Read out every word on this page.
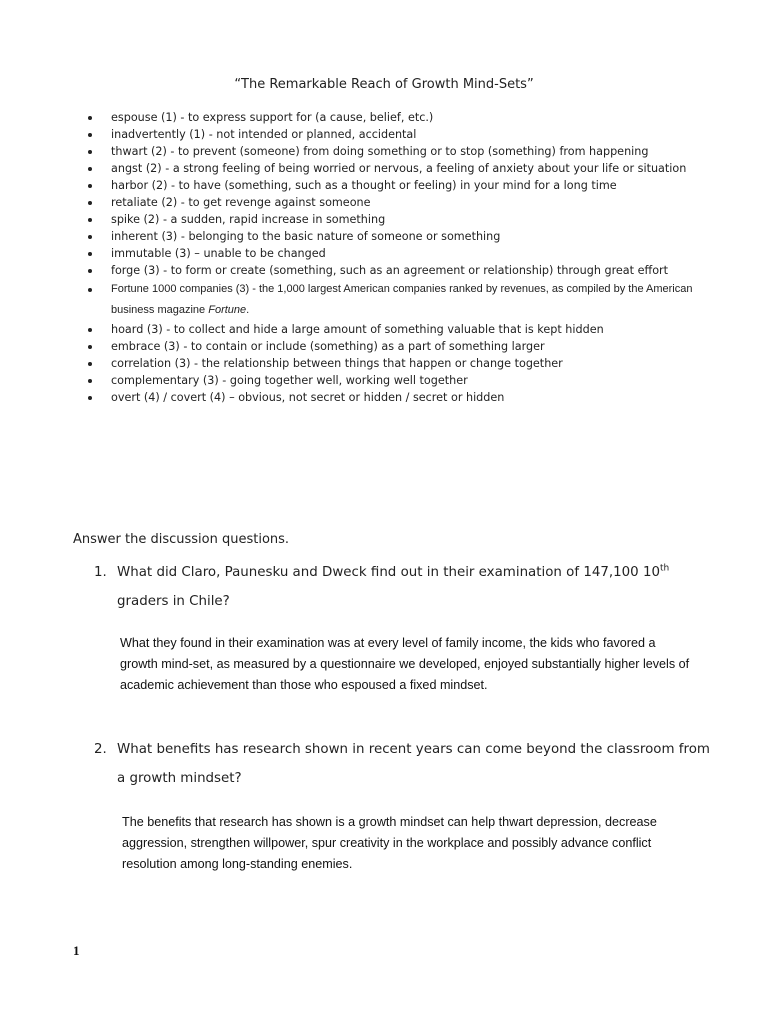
“The Remarkable Reach of Growth Mind-Sets”
espouse (1) - to express support for (a cause, belief, etc.)
inadvertently (1) - not intended or planned, accidental
thwart (2) - to prevent (someone) from doing something or to stop (something) from happening
angst (2) - a strong feeling of being worried or nervous, a feeling of anxiety about your life or situation
harbor (2) - to have (something, such as a thought or feeling) in your mind for a long time
retaliate (2) - to get revenge against someone
spike (2) - a sudden, rapid increase in something
inherent (3) - belonging to the basic nature of someone or something
immutable (3) – unable to be changed
forge (3) - to form or create (something, such as an agreement or relationship) through great effort
Fortune 1000 companies (3) - the 1,000 largest American companies ranked by revenues, as compiled by the American business magazine Fortune.
hoard (3) - to collect and hide a large amount of something valuable that is kept hidden
embrace (3) - to contain or include (something) as a part of something larger
correlation (3) - the relationship between things that happen or change together
complementary (3) - going together well, working well together
overt (4) / covert (4) – obvious, not secret or hidden / secret or hidden
Answer the discussion questions.
1. What did Claro, Paunesku and Dweck find out in their examination of 147,100 10th graders in Chile?
What they found in their examination was at every level of family income, the kids who favored a growth mind-set, as measured by a questionnaire we developed, enjoyed substantially higher levels of academic achievement than those who espoused a fixed mindset.
2. What benefits has research shown in recent years can come beyond the classroom from a growth mindset?
The benefits that research has shown is a growth mindset can help thwart depression, decrease aggression, strengthen willpower, spur creativity in the workplace and possibly advance conflict resolution among long-standing enemies.
1
